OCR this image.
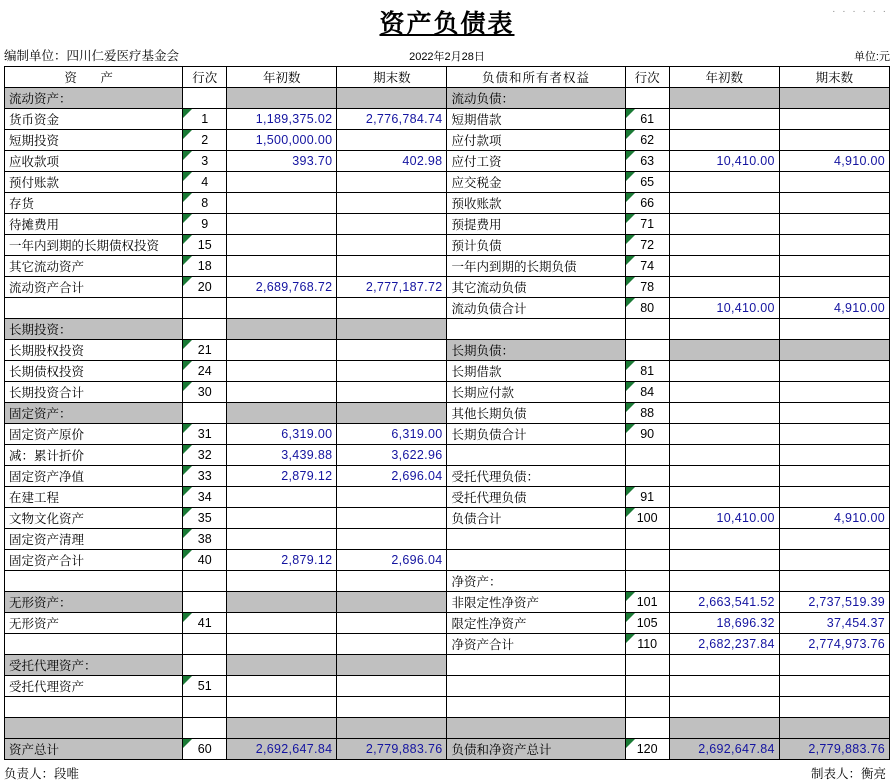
· · · · · ·
资产负债表
编制单位：四川仁爱医疗基金会	2022年2月28日	单位:元
资 产	行次	年初数	期末数	负债和所有者权益	行次	年初数	期末数
流动资产：				流动负债：			
货币资金	1	1,189,375.02	2,776,784.74	短期借款	61		
短期投资	2	1,500,000.00		应付款项	62		
应收款项	3	393.70	402.98	应付工资	63	10,410.00	4,910.00
预付账款	4			应交税金	65		
存货	8			预收账款	66		
待摊费用	9			预提费用	71		
一年内到期的长期债权投资	15			预计负债	72		
其它流动资产	18			一年内到期的长期负债	74		
流动资产合计	20	2,689,768.72	2,777,187.72	其它流动负债	78		
				流动负债合计	80	10,410.00	4,910.00
长期投资：							
长期股权投资	21			长期负债：			
长期债权投资	24			长期借款	81		
长期投资合计	30			长期应付款	84		
固定资产：				其他长期负债	88		
固定资产原价	31	6,319.00	6,319.00	长期负债合计	90		
减：累计折价	32	3,439.88	3,622.96				
固定资产净值	33	2,879.12	2,696.04	受托代理负债：			
在建工程	34			受托代理负债	91		
文物文化资产	35			负债合计	100	10,410.00	4,910.00
固定资产清理	38						
固定资产合计	40	2,879.12	2,696.04				
				净资产：			
无形资产：				非限定性净资产	101	2,663,541.52	2,737,519.39
无形资产	41			限定性净资产	105	18,696.32	37,454.37
				净资产合计	110	2,682,237.84	2,774,973.76
受托代理资产：							
受托代理资产	51						

资产总计	60	2,692,647.84	2,779,883.76	负债和净资产总计	120	2,692,647.84	2,779,883.76
负责人：段唯	制表人：衡亮
